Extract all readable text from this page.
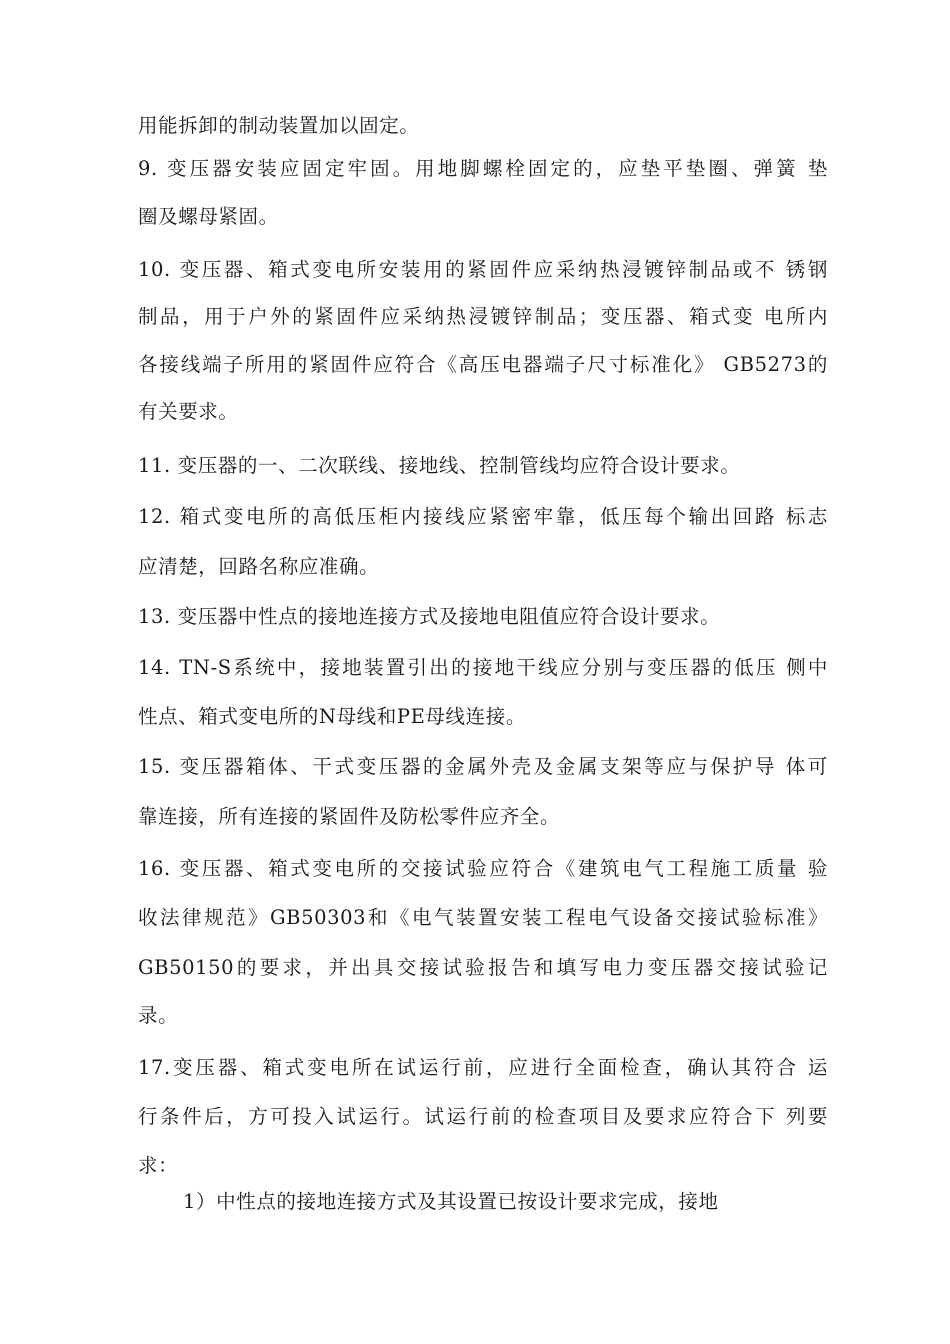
用能拆卸的制动装置加以固定。
9. 变压器安装应固定牢固。用地脚螺栓固定的，应垫平垫圈、弹簧 垫
圈及螺母紧固。
10. 变压器、箱式变电所安装用的紧固件应采纳热浸镀锌制品或不 锈钢
制品，用于户外的紧固件应采纳热浸镀锌制品；变压器、箱式变 电所内
各接线端子所用的紧固件应符合《高压电器端子尺寸标准化》 GB5273的
有关要求。
11. 变压器的一、二次联线、接地线、控制管线均应符合设计要求。
12. 箱式变电所的高低压柜内接线应紧密牢靠，低压每个输出回路 标志
应清楚，回路名称应准确。
13. 变压器中性点的接地连接方式及接地电阻值应符合设计要求。
14. TN-S系统中，接地装置引出的接地干线应分别与变压器的低压 侧中
性点、箱式变电所的N母线和PE母线连接。
15. 变压器箱体、干式变压器的金属外壳及金属支架等应与保护导 体可
靠连接，所有连接的紧固件及防松零件应齐全。
16. 变压器、箱式变电所的交接试验应符合《建筑电气工程施工质量 验
收法律规范》GB50303和《电气装置安装工程电气设备交接试验标准》
GB50150的要求，并出具交接试验报告和填写电力变压器交接试验记
录。
17.变压器、箱式变电所在试运行前，应进行全面检查，确认其符合 运
行条件后，方可投入试运行。试运行前的检查项目及要求应符合下 列要
求：
1）中性点的接地连接方式及其设置已按设计要求完成，接地
